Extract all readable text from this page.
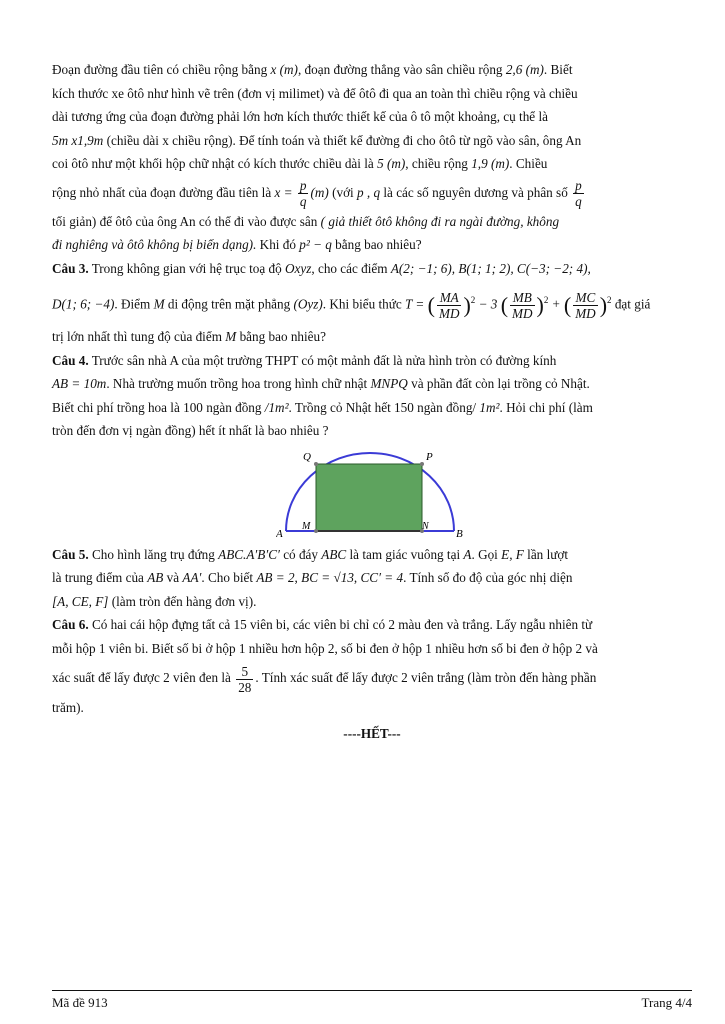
Đoạn đường đầu tiên có chiều rộng bằng x (m), đoạn đường thẳng vào sân chiều rộng 2,6 (m). Biết

kích thước xe ôtô như hình vẽ trên (đơn vị milimet) và để ôtô đi qua an toàn thì chiều rộng và chiều

dài tương ứng của đoạn đường phải lớn hơn kích thước thiết kế của ô tô một khoảng, cụ thể là

5m x1,9m (chiều dài x chiều rộng). Để tính toán và thiết kế đường đi cho ôtô từ ngõ vào sân, ông An

coi ôtô như một khối hộp chữ nhật có kích thước chiều dài là 5 (m), chiều rộng 1,9 (m). Chiều

rộng nhỏ nhất của đoạn đường đầu tiên là $x = \frac{p}{q} (m)$ (với p , q là các số nguyên dương và phân số $\frac{p}{q}$

tối giản) để ôtô của ông An có thể đi vào được sân ( giả thiết ôtô không đi ra ngài đường, không

đi nghiêng và ôtô không bị biến dạng). Khi đó p² − q bằng bao nhiêu?

Câu 3. Trong không gian với hệ trục toạ độ Oxyz, cho các điểm A(2; −1; 6), B(1; 1; 2), C(−3; −2; 4),

D(1; 6; −4). Điểm M di động trên mặt phẳng (Oyz). Khi biểu thức T = ( $\frac{MA}{MD} )^2 - 3$ ( $\frac{MB}{MD} )^2$ + ( $\frac{MC}{MD} )^2$ đạt giá

trị lớn nhất thì tung độ của điểm M bằng bao nhiêu?

Câu 4. Trước sân nhà A của một trường THPT có một mảnh đất là nửa hình tròn có đường kính

AB = 10m. Nhà trường muốn trồng hoa trong hình chữ nhật MNPQ và phần đất còn lại trồng cỏ Nhật.

Biết chi phí trồng hoa là 100 ngàn đồng /1m². Trồng cỏ Nhật hết 150 ngàn đồng/ 1m². Hỏi chi phí (làm

tròn đến đơn vị ngàn đồng) hết ít nhất là bao nhiêu ?

Q	P
A
M	N
B

Câu 5. Cho hình lăng trụ đứng ABC.A′B′C′ có đáy ABC là tam giác vuông tại A. Gọi E, F lần lượt

là trung điểm của AB và AA′. Cho biết AB = 2, BC = √13, CC′ = 4. Tính số đo độ của góc nhị diện

[A, CE, F] (làm tròn đến hàng đơn vị).

Câu 6. Có hai cái hộp đựng tất cả 15 viên bi, các viên bi chỉ có 2 màu đen và trắng. Lấy ngẫu nhiên từ

mỗi hộp 1 viên bi. Biết số bi ở hộp 1 nhiều hơn hộp 2, số bi đen ở hộp 1 nhiều hơn số bi đen ở hộp 2 và

xác suất để lấy được 2 viên đen là $\frac{5}{28}$ . Tính xác suất để lấy được 2 viên trắng (làm tròn đến hàng phần

trăm).

----HẾT---

Mã đề 913	Trang 4/4
